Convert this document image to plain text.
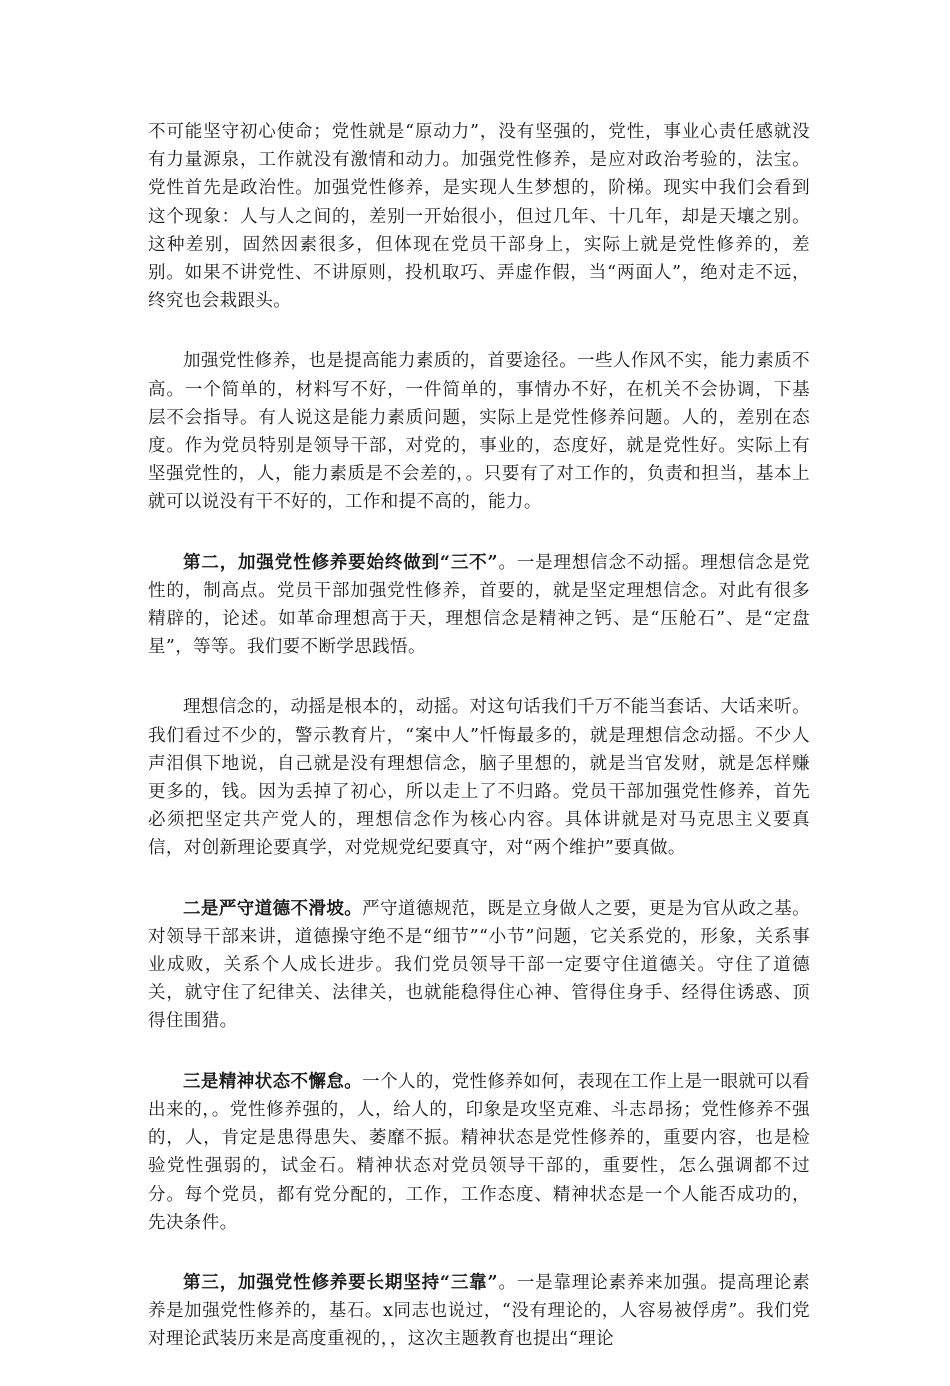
不可能坚守初心使命；党性就是“原动力”，没有坚强的，党性，事业心责任感就没有力量源泉，工作就没有激情和动力。加强党性修养，是应对政治考验的，法宝。党性首先是政治性。加强党性修养，是实现人生梦想的，阶梯。现实中我们会看到这个现象：人与人之间的，差别一开始很小，但过几年、十几年，却是天壤之别。这种差别，固然因素很多，但体现在党员干部身上，实际上就是党性修养的，差别。如果不讲党性、不讲原则，投机取巧、弄虚作假，当“两面人”，绝对走不远，终究也会栽跟头。

加强党性修养，也是提高能力素质的，首要途径。一些人作风不实，能力素质不高。一个简单的，材料写不好，一件简单的，事情办不好，在机关不会协调，下基层不会指导。有人说这是能力素质问题，实际上是党性修养问题。人的，差别在态度。作为党员特别是领导干部，对党的，事业的，态度好，就是党性好。实际上有坚强党性的，人，能力素质是不会差的，。只要有了对工作的，负责和担当，基本上就可以说没有干不好的，工作和提不高的，能力。

第二，加强党性修养要始终做到“三不”。一是理想信念不动摇。理想信念是党性的，制高点。党员干部加强党性修养，首要的，就是坚定理想信念。对此有很多精辟的，论述。如革命理想高于天，理想信念是精神之钙、是“压舱石”、是“定盘星”，等等。我们要不断学思践悟。

理想信念的，动摇是根本的，动摇。对这句话我们千万不能当套话、大话来听。我们看过不少的，警示教育片，“案中人”忏悔最多的，就是理想信念动摇。不少人声泪俱下地说，自己就是没有理想信念，脑子里想的，就是当官发财，就是怎样赚更多的，钱。因为丢掉了初心，所以走上了不归路。党员干部加强党性修养，首先必须把坚定共产党人的，理想信念作为核心内容。具体讲就是对马克思主义要真信，对创新理论要真学，对党规党纪要真守，对“两个维护”要真做。

二是严守道德不滑坡。严守道德规范，既是立身做人之要，更是为官从政之基。对领导干部来讲，道德操守绝不是“细节”“小节”问题，它关系党的，形象，关系事业成败，关系个人成长进步。我们党员领导干部一定要守住道德关。守住了道德关，就守住了纪律关、法律关，也就能稳得住心神、管得住身手、经得住诱惑、顶得住围猎。

三是精神状态不懈怠。一个人的，党性修养如何，表现在工作上是一眼就可以看出来的，。党性修养强的，人，给人的，印象是攻坚克难、斗志昂扬；党性修养不强的，人，肯定是患得患失、萎靡不振。精神状态是党性修养的，重要内容，也是检验党性强弱的，试金石。精神状态对党员领导干部的，重要性，怎么强调都不过分。每个党员，都有党分配的，工作，工作态度、精神状态是一个人能否成功的，先决条件。

第三，加强党性修养要长期坚持“三靠”。一是靠理论素养来加强。提高理论素养是加强党性修养的，基石。x同志也说过，“没有理论的，人容易被俘虏”。我们党对理论武装历来是高度重视的，，这次主题教育也提出“理论
